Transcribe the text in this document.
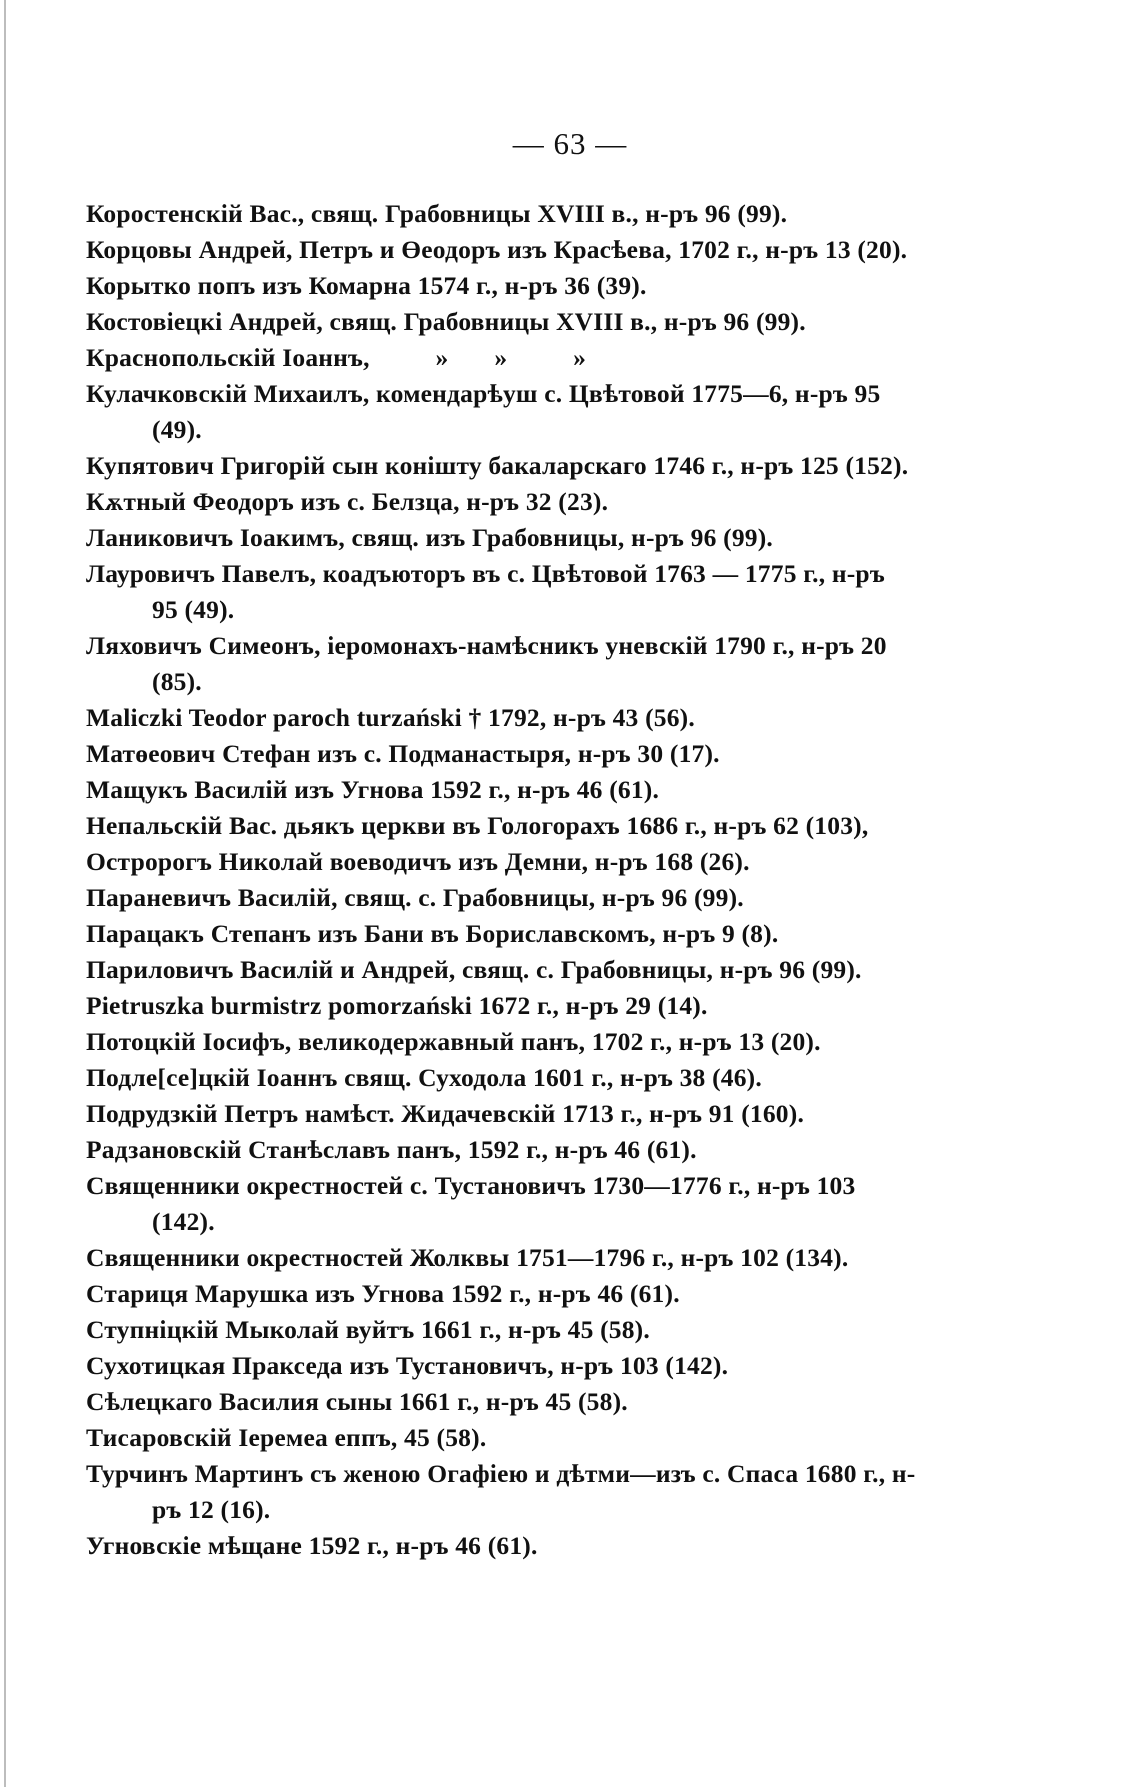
— 63 —
Коростенскій Вас., свящ. Грабовницы XVIII в., н-ръ 96 (99).
Корцовы Андрей, Петръ и Өеодоръ изъ Красѣева, 1702 г., н-ръ 13 (20).
Корытко попъ изъ Комарна 1574 г., н-ръ 36 (39).
Костовіецкі Андрей, свящ. Грабовницы XVIII в., н-ръ 96 (99).
Краснопольскій Іоаннъ,          »       »          »
Кулачковскій Михаилъ, комендарѣуш с. Цвѣтовой 1775—6, н-ръ 95 (49).
Купятович Григорій сын конішту бакаларскаго 1746 г., н-ръ 125 (152).
Кѫтный Феодоръ изъ с. Белзца, н-ръ 32 (23).
Ланиковичъ Іоакимъ, свящ. изъ Грабовницы, н-ръ 96 (99).
Лауровичъ Павелъ, коадъюторъ въ с. Цвѣтовой 1763 — 1775 г., н-ръ 95 (49).
Ляховичъ Симеонъ, іеромонахъ-намѣсникъ уневскій 1790 г., н-ръ 20 (85).
Maliczki Teodor paroch turzański † 1792, н-ръ 43 (56).
Матөеович Стефан изъ с. Подманастыря, н-ръ 30 (17).
Мащукъ Василій изъ Угнова 1592 г., н-ръ 46 (61).
Непальскій Вас. дьякъ церкви въ Гологорахъ 1686 г., н-ръ 62 (103),
Остророгъ Николай воеводичъ изъ Демни, н-ръ 168 (26).
Параневичъ Василій, свящ. с. Грабовницы, н-ръ 96 (99).
Парацакъ Степанъ изъ Бани въ Бориславскомъ, н-ръ 9 (8).
Париловичъ Василій и Андрей, свящ. с. Грабовницы, н-ръ 96 (99).
Pietruszka burmistrz pomorzański 1672 г., н-ръ 29 (14).
Потоцкій Іосифъ, великодержавный панъ, 1702 г., н-ръ 13 (20).
Подле[се]цкій Іоаннъ свящ. Суходола 1601 г., н-ръ 38 (46).
Подрудзкій Петръ намѣст. Жидачевскій 1713 г., н-ръ 91 (160).
Радзановскій Станѣславъ панъ, 1592 г., н-ръ 46 (61).
Священники окрестностей с. Тустановичъ 1730—1776 г., н-ръ 103 (142).
Священники окрестностей Жолквы 1751—1796 г., н-ръ 102 (134).
Стариця Марушка изъ Угнова 1592 г., н-ръ 46 (61).
Ступніцкій Мыколай вуйтъ 1661 г., н-ръ 45 (58).
Сухотицкая Пракседа изъ Тустановичъ, н-ръ 103 (142).
Сѣлецкаго Василия сыны 1661 г., н-ръ 45 (58).
Тисаровскій Іеремеа еппъ, 45 (58).
Турчинъ Мартинъ съ женою Огафіею и дѣтми—изъ с. Спаса 1680 г., н-ръ 12 (16).
Угновскіе мѣщане 1592 г., н-ръ 46 (61).
